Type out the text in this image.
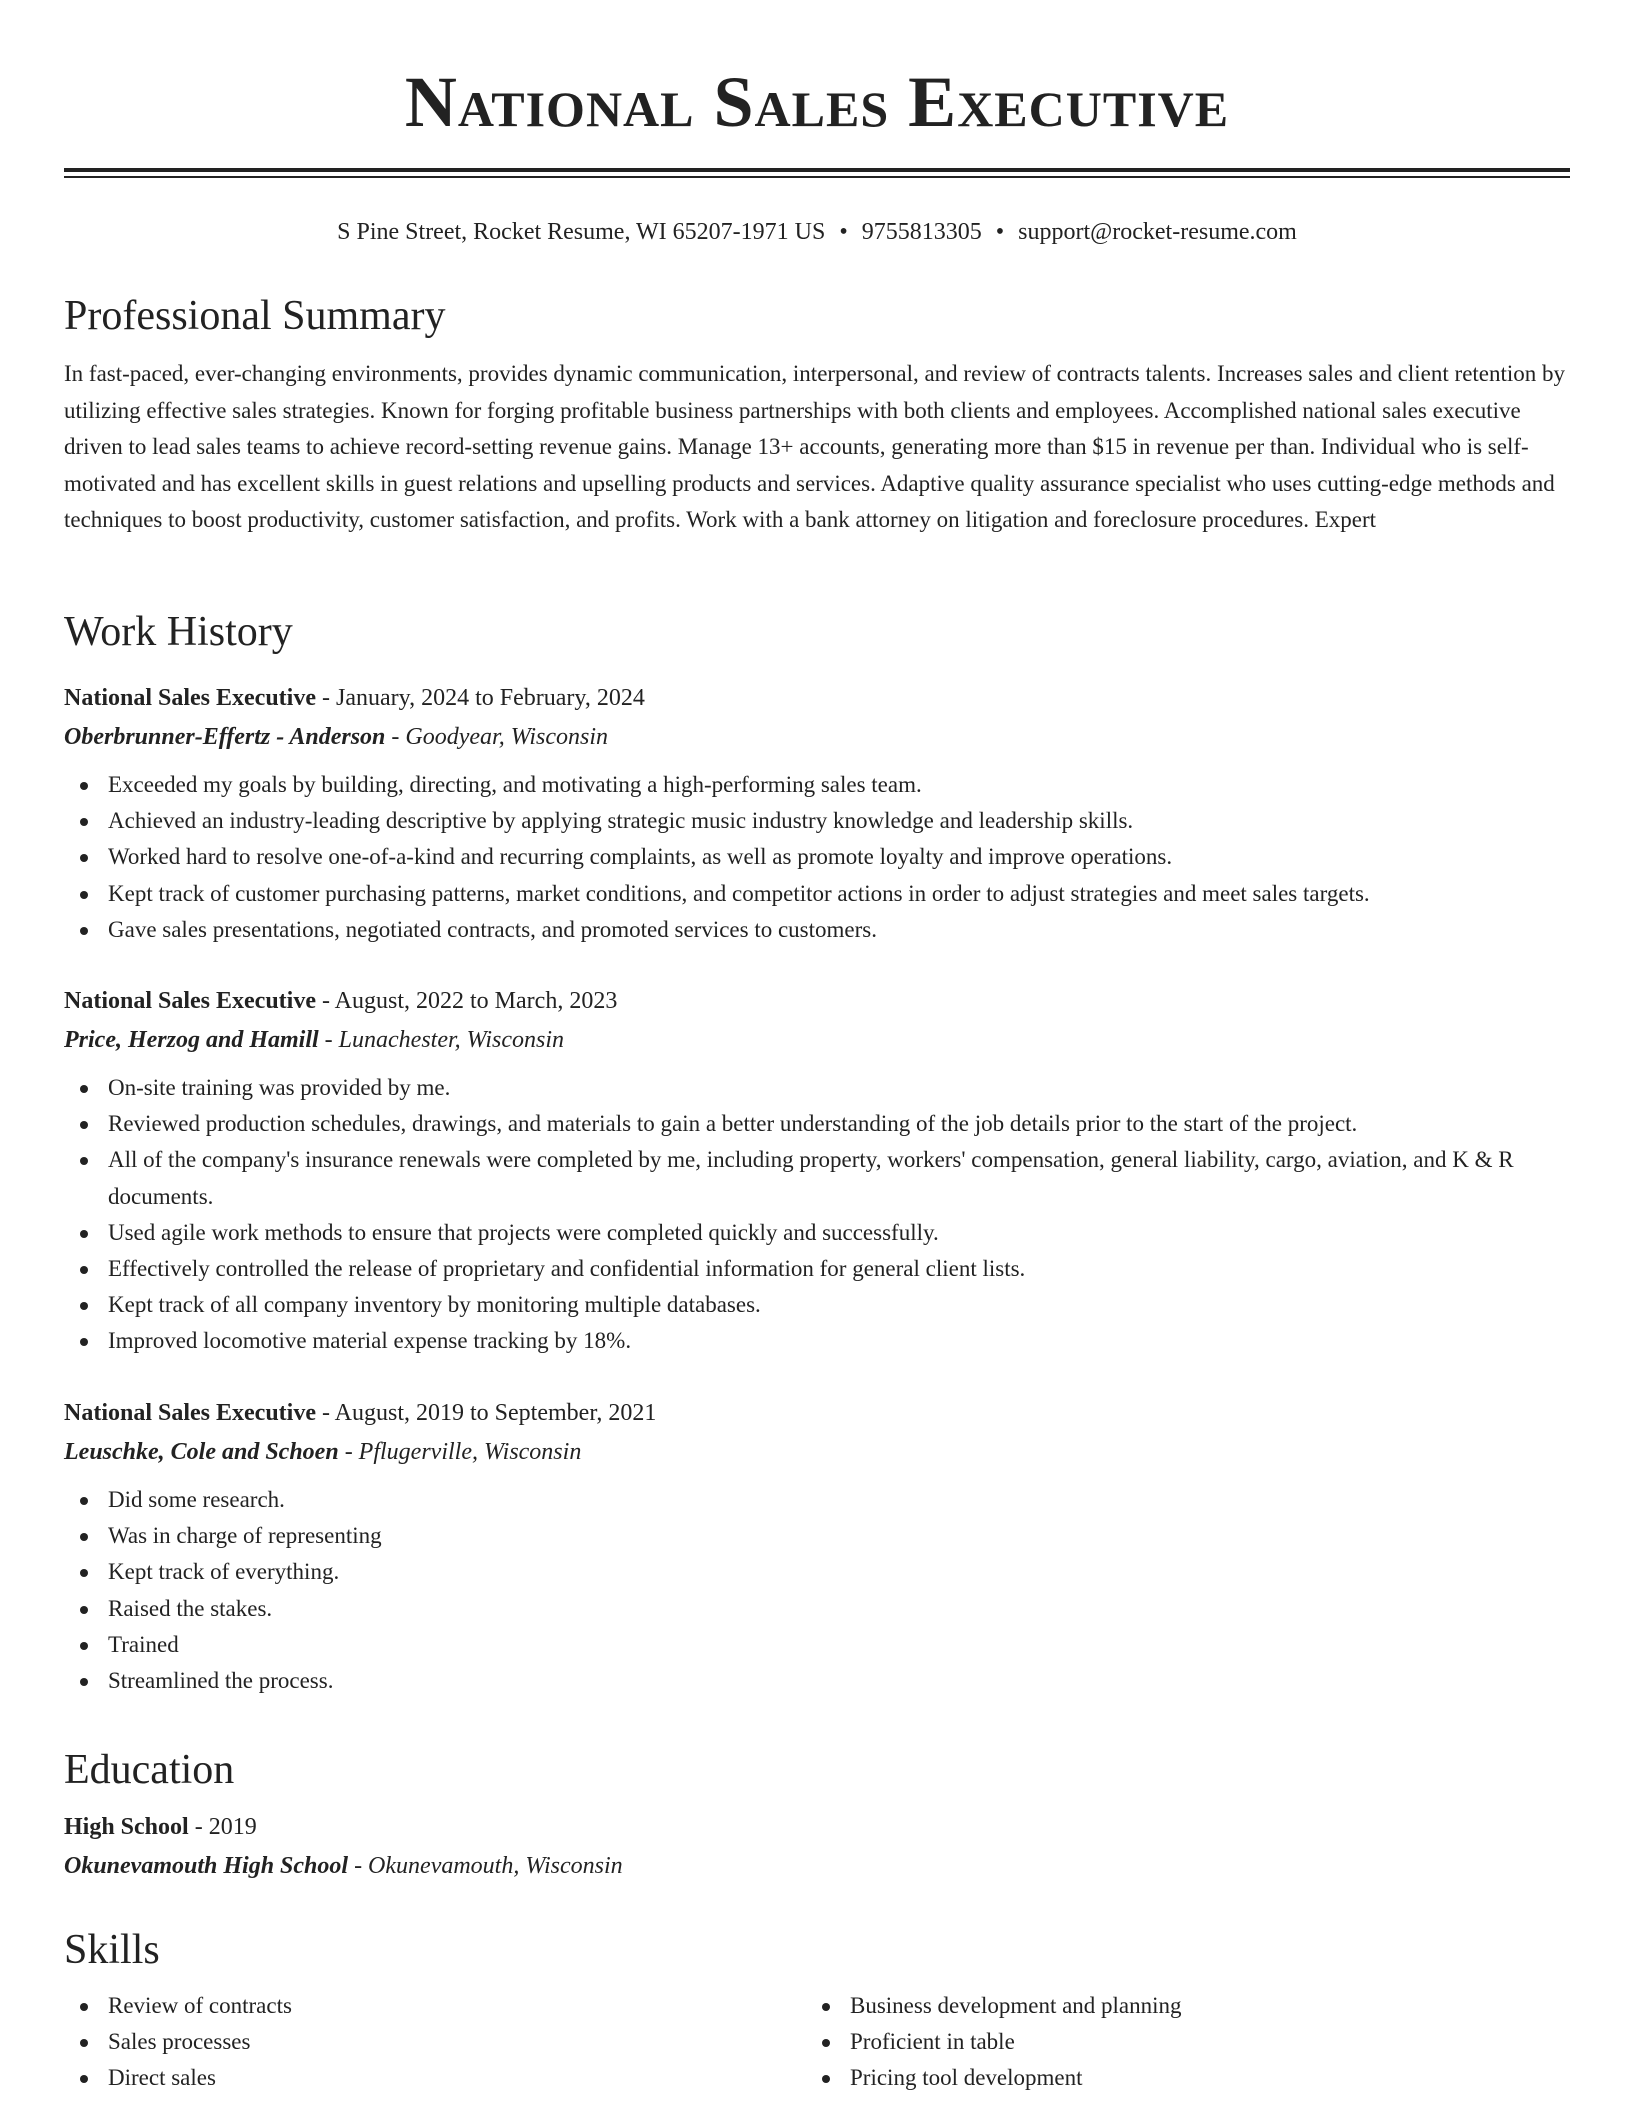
National Sales Executive
S Pine Street, Rocket Resume, WI 65207-1971 US • 9755813305 • support@rocket-resume.com
Professional Summary

In fast-paced, ever-changing environments, provides dynamic communication, interpersonal, and review of contracts talents. Increases sales and client retention by utilizing effective sales strategies. Known for forging profitable business partnerships with both clients and employees. Accomplished national sales executive driven to lead sales teams to achieve record-setting revenue gains. Manage 13+ accounts, generating more than $15 in revenue per than. Individual who is self-motivated and has excellent skills in guest relations and upselling products and services. Adaptive quality assurance specialist who uses cutting-edge methods and techniques to boost productivity, customer satisfaction, and profits. Work with a bank attorney on litigation and foreclosure procedures. Expert

Work History

National Sales Executive - January, 2024 to February, 2024

Oberbrunner-Effertz - Anderson - Goodyear, Wisconsin

Exceeded my goals by building, directing, and motivating a high-performing sales team.
Achieved an industry-leading descriptive by applying strategic music industry knowledge and leadership skills.
Worked hard to resolve one-of-a-kind and recurring complaints, as well as promote loyalty and improve operations.
Kept track of customer purchasing patterns, market conditions, and competitor actions in order to adjust strategies and meet sales targets.
Gave sales presentations, negotiated contracts, and promoted services to customers.

National Sales Executive - August, 2022 to March, 2023

Price, Herzog and Hamill - Lunachester, Wisconsin

On-site training was provided by me.
Reviewed production schedules, drawings, and materials to gain a better understanding of the job details prior to the start of the project.
All of the company's insurance renewals were completed by me, including property, workers' compensation, general liability, cargo, aviation, and K & R documents.
Used agile work methods to ensure that projects were completed quickly and successfully.
Effectively controlled the release of proprietary and confidential information for general client lists.
Kept track of all company inventory by monitoring multiple databases.
Improved locomotive material expense tracking by 18%.

National Sales Executive - August, 2019 to September, 2021

Leuschke, Cole and Schoen - Pflugerville, Wisconsin

Did some research.
Was in charge of representing
Kept track of everything.
Raised the stakes.
Trained
Streamlined the process.
Education

High School - 2019

Okunevamouth High School - Okunevamouth, Wisconsin

Skills
Review of contracts
Sales processes
Direct sales
Business development and planning
Proficient in table
Pricing tool development
